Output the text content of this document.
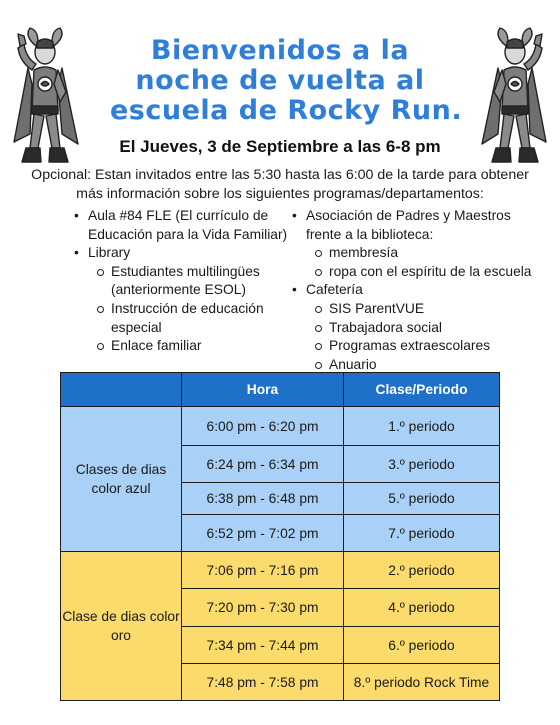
Bienvenidos a la
noche de vuelta al
escuela de Rocky Run.
El Jueves, 3 de Septiembre a las 6-8 pm
Opcional: Estan invitados entre las 5:30 hasta las 6:00 de la tarde para obtener más información sobre los siguientes programas/departamentos:
• Aula #84 FLE (El currículo de Educación para la Vida Familiar)
• Library
Estudiantes multilingües (anteriormente ESOL)
Instrucción de educación especial
Enlace familiar
• Asociación de Padres y Maestros frente a la biblioteca:
membresía
ropa con el espíritu de la escuela
• Cafetería
SIS ParentVUE
Trabajadora social
Programas extraescolares
Anuario
	Hora	Clase/Periodo
Clases de dias color azul	6:00 pm - 6:20 pm	1.º periodo
	6:24 pm - 6:34 pm	3.º periodo
	6:38 pm - 6:48 pm	5.º periodo
	6:52 pm - 7:02 pm	7.º periodo
Clase de dias color oro	7:06 pm - 7:16 pm	2.º periodo
	7:20 pm - 7:30 pm	4.º periodo
	7:34 pm - 7:44 pm	6.º periodo
	7:48 pm - 7:58 pm	8.º periodo Rock Time
